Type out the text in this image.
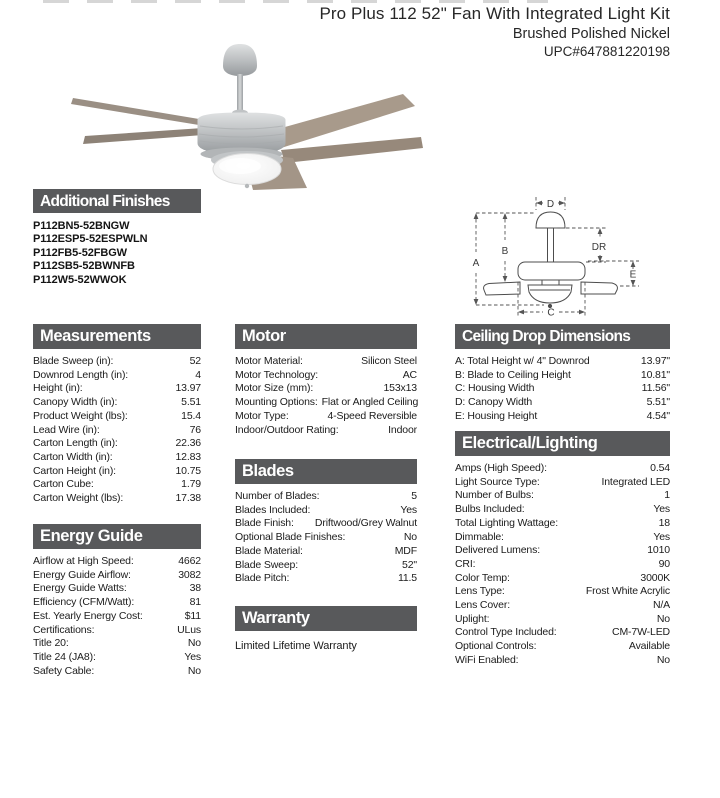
Pro Plus 112 52" Fan With Integrated Light Kit
Brushed Polished Nickel
UPC#647881220198
A
B
C
D
E
DR
Additional Finishes
P112BN5-52BNGW
P112ESP5-52ESPWLN
P112FB5-52FBGW
P112SB5-52BWNFB
P112W5-52WWOK
Measurements
Blade Sweep (in):	52
Downrod Length (in):	4
Height (in):	13.97
Canopy Width (in):	5.51
Product Weight (lbs):	15.4
Lead Wire (in):	76
Carton Length (in):	22.36
Carton Width (in):	12.83
Carton Height (in):	10.75
Carton Cube:	1.79
Carton Weight (lbs):	17.38
Energy Guide
Airflow at High Speed:	4662
Energy Guide Airflow:	3082
Energy Guide Watts:	38
Efficiency (CFM/Watt):	81
Est. Yearly Energy Cost:	$11
Certifications:	ULus
Title 20:	No
Title 24 (JA8):	Yes
Safety Cable:	No
Motor
Motor Material:	Silicon Steel
Motor Technology:	AC
Motor Size (mm):	153x13
Mounting Options: Flat or Angled Ceiling
Motor Type:	4-Speed Reversible
Indoor/Outdoor Rating:	Indoor
Blades
Number of Blades:	5
Blades Included:	Yes
Blade Finish: Driftwood/Grey Walnut
Optional Blade Finishes:	No
Blade Material:	MDF
Blade Sweep:	52"
Blade Pitch:	11.5
Warranty
Limited Lifetime Warranty
Ceiling Drop Dimensions
A: Total Height w/ 4" Downrod	13.97"
B: Blade to Ceiling Height	10.81"
C: Housing Width	11.56"
D: Canopy Width	5.51"
E: Housing Height	4.54"
Electrical/Lighting
Amps (High Speed):	0.54
Light Source Type:	Integrated LED
Number of Bulbs:	1
Bulbs Included:	Yes
Total Lighting Wattage:	18
Dimmable:	Yes
Delivered Lumens:	1010
CRI:	90
Color Temp:	3000K
Lens Type:	Frost White Acrylic
Lens Cover:	N/A
Uplight:	No
Control Type Included:	CM-7W-LED
Optional Controls:	Available
WiFi Enabled:	No
